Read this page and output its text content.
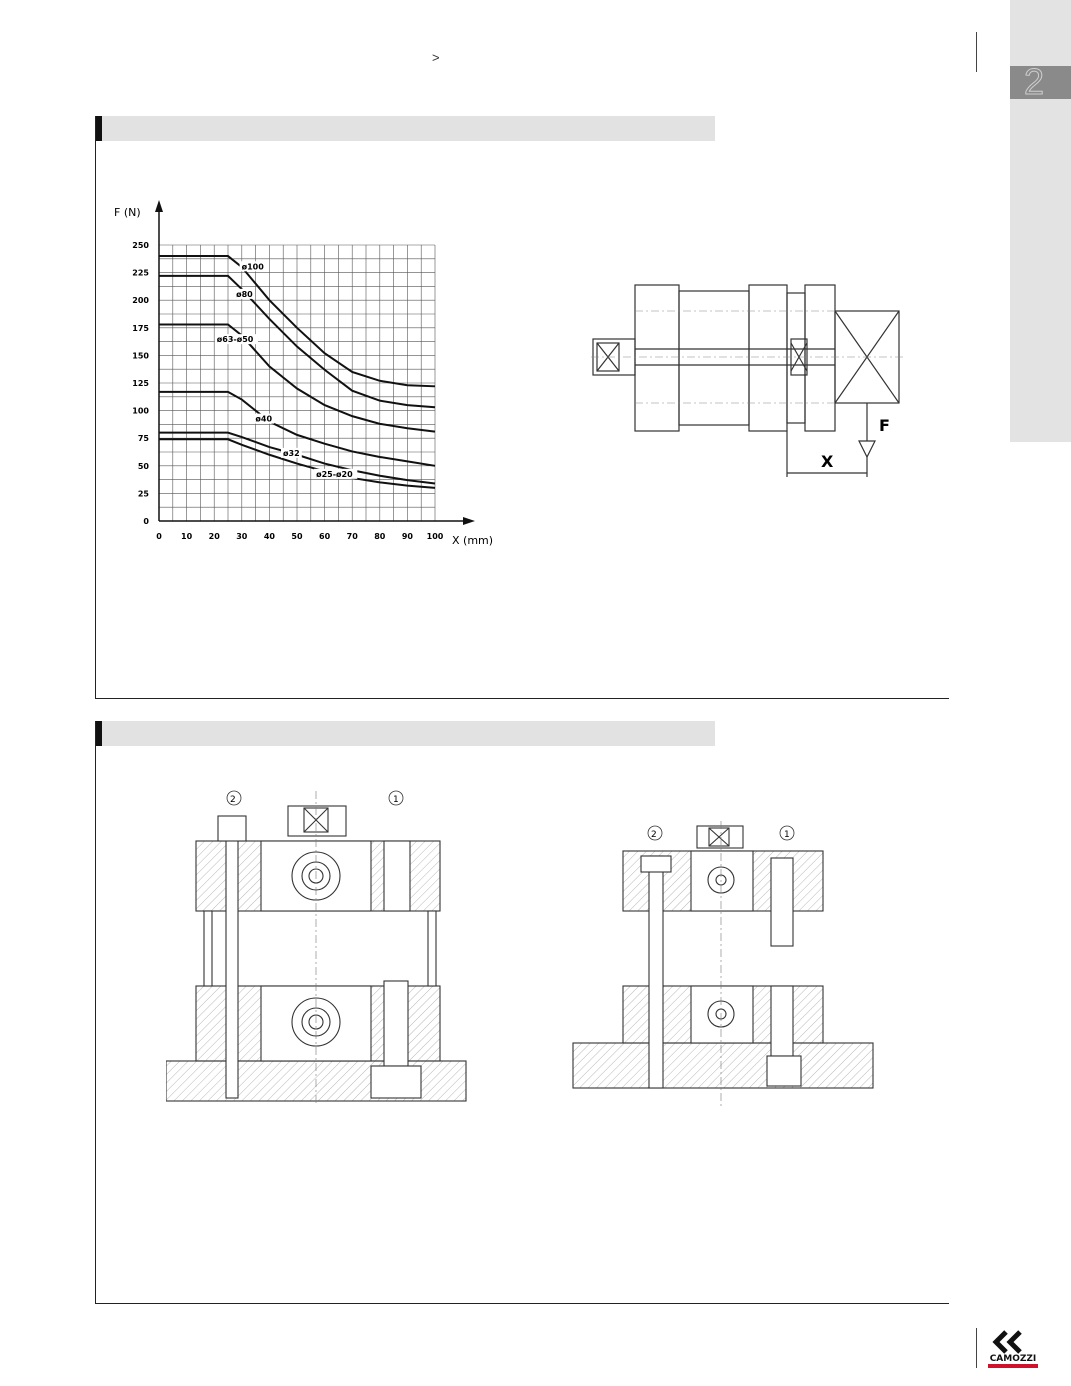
>
2
0
25
50
75
100
125
150
175
200
225
250
0 10 20 30 40 50 60 70 80 90 100
ø100
ø80
ø63-ø50
ø40
ø32
ø25-ø20
F (N)
X (mm)
F
X
2	1
2	1
CAMOZZI
